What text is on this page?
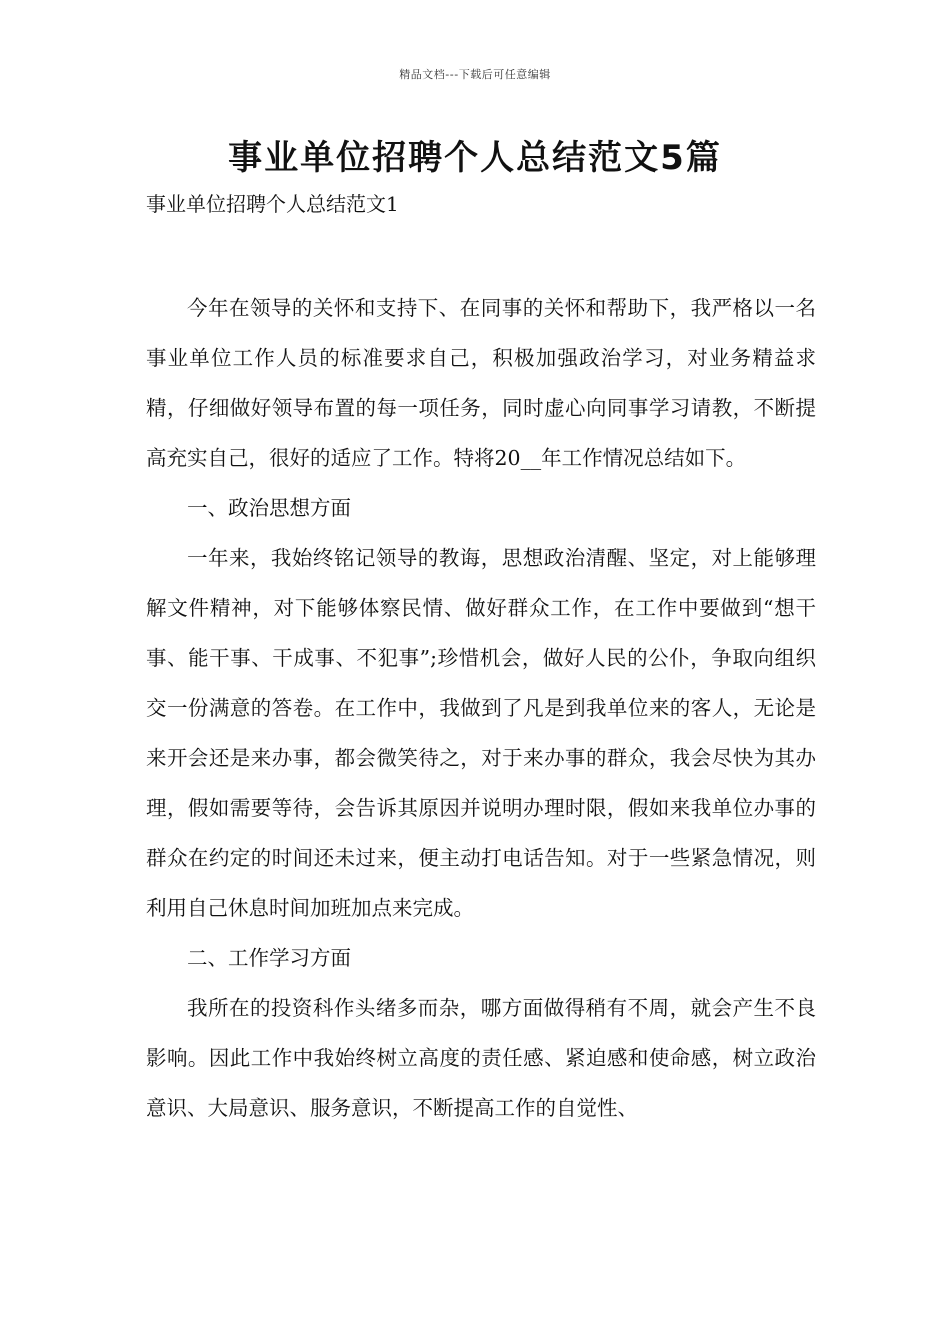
精品文档---下载后可任意编辑
事业单位招聘个人总结范文5篇
事业单位招聘个人总结范文1

今年在领导的关怀和支持下、在同事的关怀和帮助下，我严格以一名事业单位工作人员的标准要求自己，积极加强政治学习，对业务精益求精，仔细做好领导布置的每一项任务，同时虚心向同事学习请教，不断提高充实自己，很好的适应了工作。特将20__年工作情况总结如下。

一、政治思想方面

一年来，我始终铭记领导的教诲，思想政治清醒、坚定，对上能够理解文件精神，对下能够体察民情、做好群众工作，在工作中要做到“想干事、能干事、干成事、不犯事”;珍惜机会，做好人民的公仆，争取向组织交一份满意的答卷。在工作中，我做到了凡是到我单位来的客人，无论是来开会还是来办事，都会微笑待之，对于来办事的群众，我会尽快为其办理，假如需要等待，会告诉其原因并说明办理时限，假如来我单位办事的群众在约定的时间还未过来，便主动打电话告知。对于一些紧急情况，则利用自己休息时间加班加点来完成。

二、工作学习方面

我所在的投资科作头绪多而杂，哪方面做得稍有不周，就会产生不良影响。因此工作中我始终树立高度的责任感、紧迫感和使命感，树立政治意识、大局意识、服务意识，不断提高工作的自觉性、
